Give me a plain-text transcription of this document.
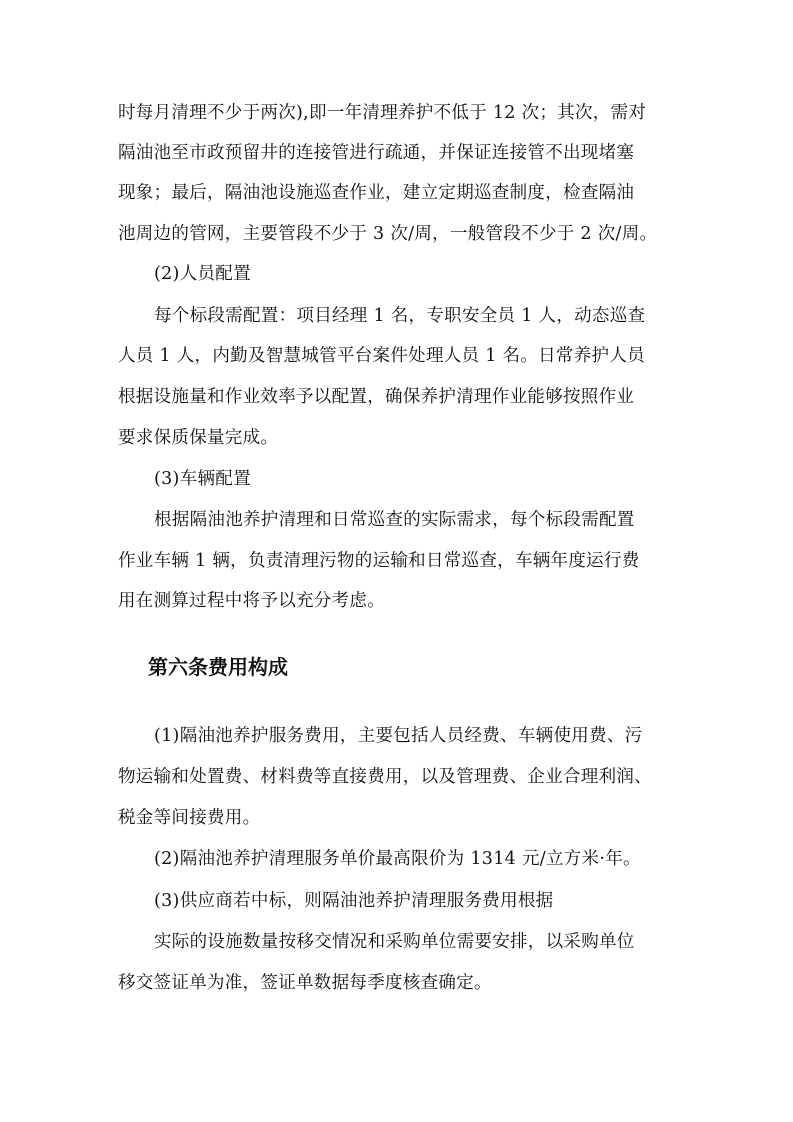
时每月清理不少于两次),即一年清理养护不低于 12 次；其次，需对
隔油池至市政预留井的连接管进行疏通，并保证连接管不出现堵塞
现象；最后，隔油池设施巡查作业，建立定期巡查制度，检查隔油
池周边的管网，主要管段不少于 3 次/周，一般管段不少于 2 次/周。
(2)人员配置
每个标段需配置：项目经理 1 名，专职安全员 1 人，动态巡查
人员 1 人，内勤及智慧城管平台案件处理人员 1 名。日常养护人员
根据设施量和作业效率予以配置，确保养护清理作业能够按照作业
要求保质保量完成。
(3)车辆配置
根据隔油池养护清理和日常巡查的实际需求，每个标段需配置
作业车辆 1 辆，负责清理污物的运输和日常巡查，车辆年度运行费
用在测算过程中将予以充分考虑。
第六条费用构成
(1)隔油池养护服务费用，主要包括人员经费、车辆使用费、污
物运输和处置费、材料费等直接费用，以及管理费、企业合理利润、
税金等间接费用。
(2)隔油池养护清理服务单价最高限价为 1314 元/立方米·年。
(3)供应商若中标，则隔油池养护清理服务费用根据
实际的设施数量按移交情况和采购单位需要安排，以采购单位
移交签证单为准，签证单数据每季度核查确定。
